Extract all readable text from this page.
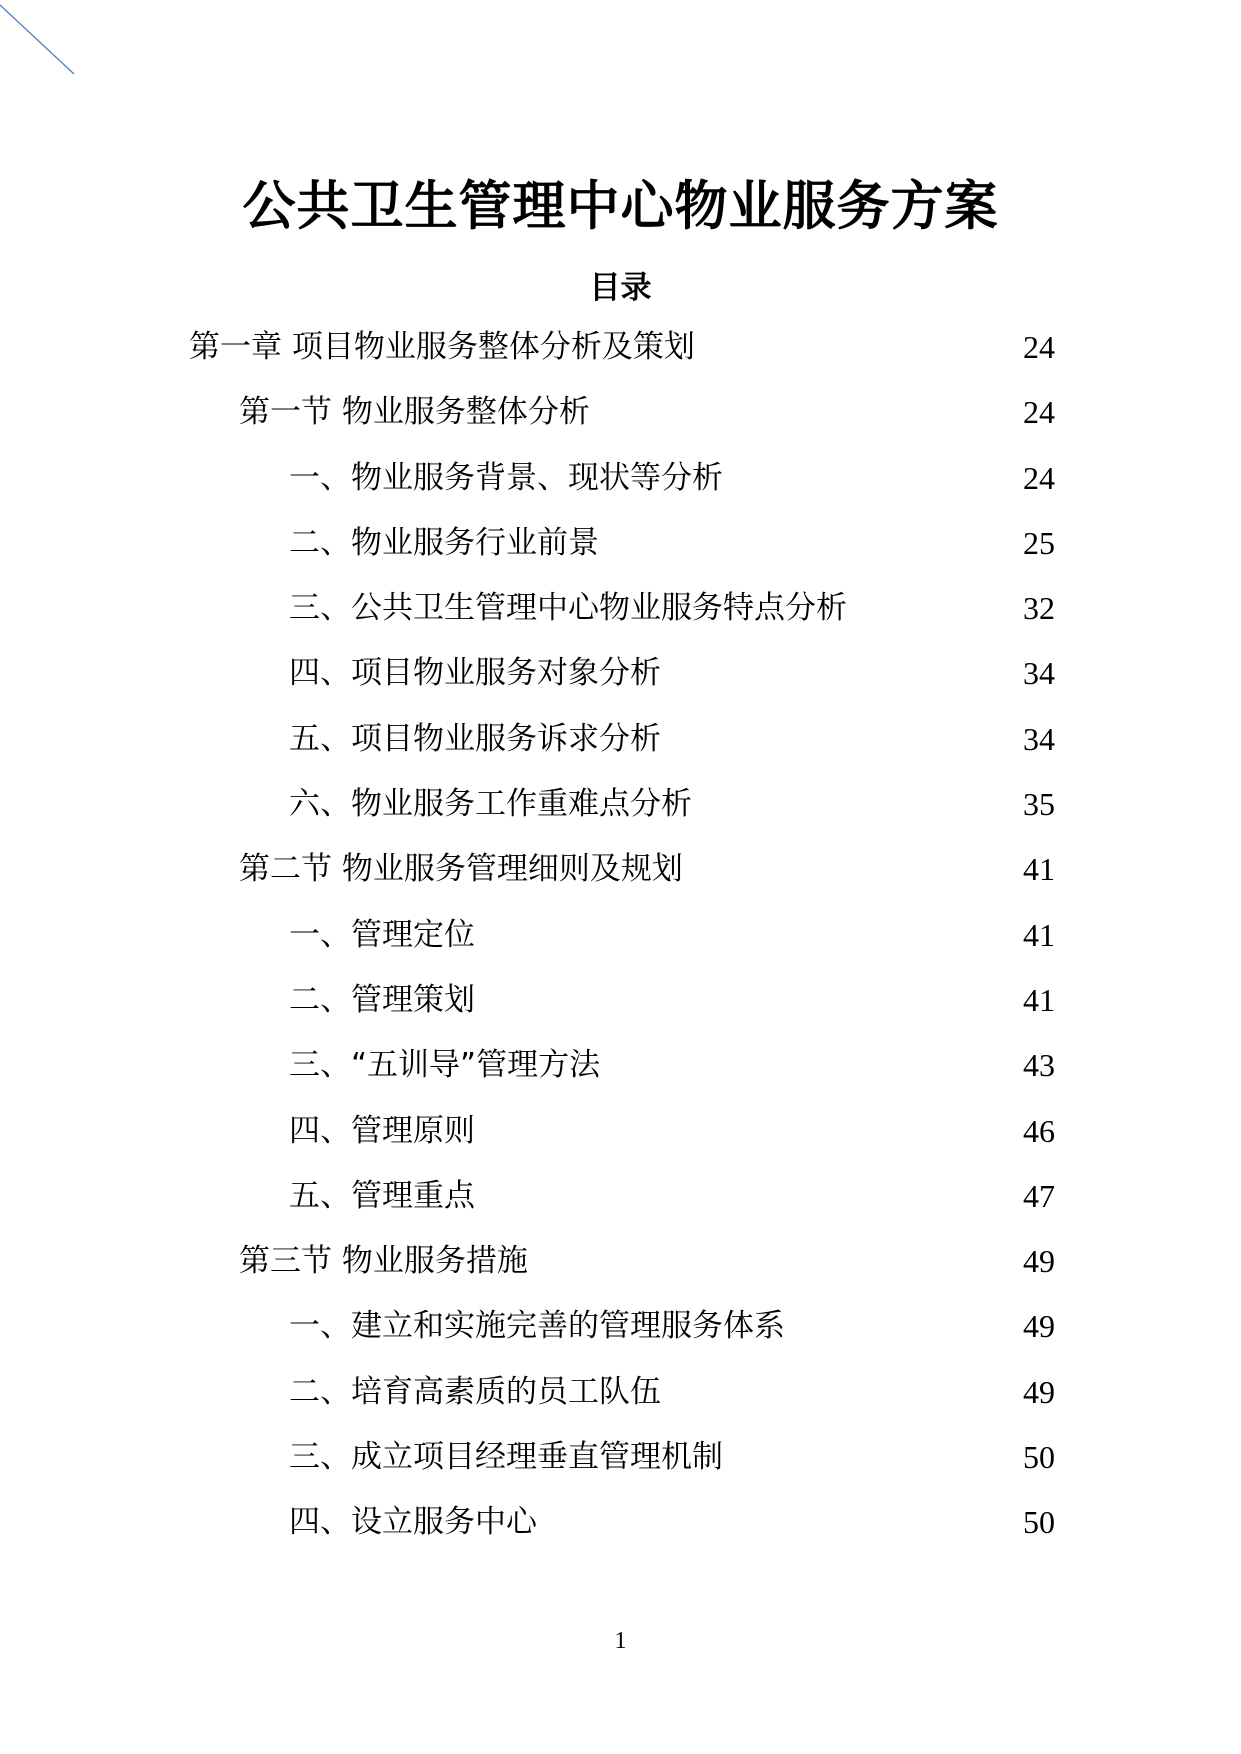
公共卫生管理中心物业服务方案
目录
第一章 项目物业服务整体分析及策划	24
第一节 物业服务整体分析	24
一、物业服务背景、现状等分析	24
二、物业服务行业前景	25
三、公共卫生管理中心物业服务特点分析	32
四、项目物业服务对象分析	34
五、项目物业服务诉求分析	34
六、物业服务工作重难点分析	35
第二节 物业服务管理细则及规划	41
一、管理定位	41
二、管理策划	41
三、“五训导”管理方法	43
四、管理原则	46
五、管理重点	47
第三节 物业服务措施	49
一、建立和实施完善的管理服务体系	49
二、培育高素质的员工队伍	49
三、成立项目经理垂直管理机制	50
四、设立服务中心	50
1
